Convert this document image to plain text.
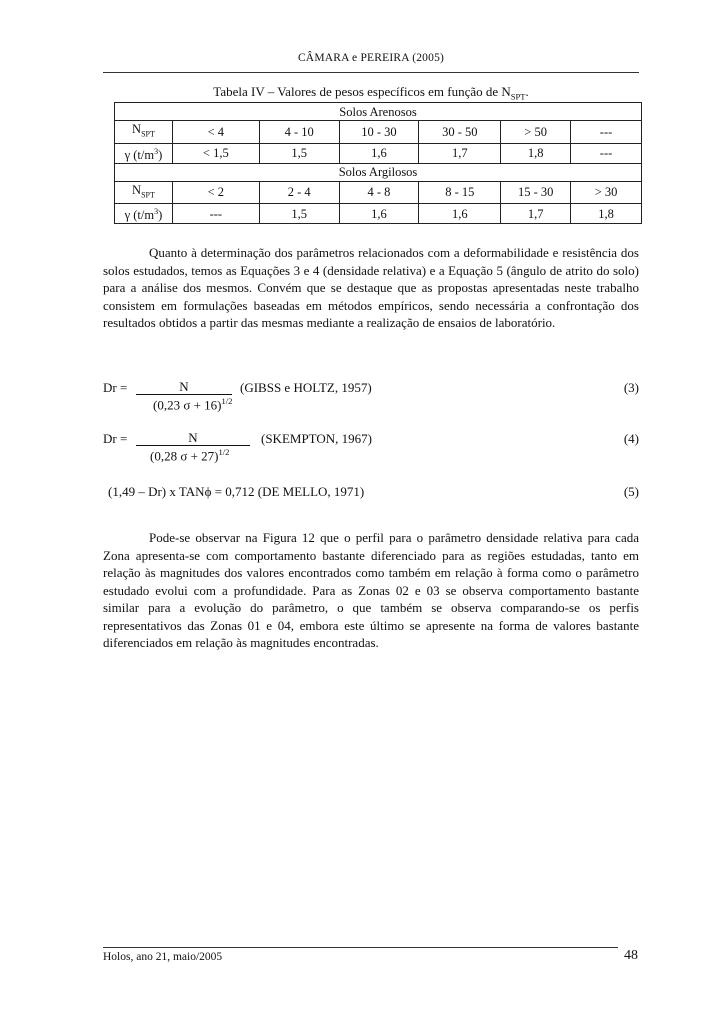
CÂMARA e PEREIRA (2005)
Tabela IV – Valores de pesos específicos em função de $N_{SPT}$.
Solos Arenosos						
$N_{SPT}$	< 4	4 - 10	10 - 30	30 - 50	> 50	---
γ $(t/m^3)$	< 1,5	1,5	1,6	1,7	1,8	---
Solos Argilosos						
$N_{SPT}$	< 2	2 - 4	4 - 8	8 - 15	15 - 30	> 30
γ $(t/m^3)$	---	1,5	1,6	1,6	1,7	1,8
Quanto à determinação dos parâmetros relacionados com a deformabilidade e resistência dos solos estudados, temos as Equações 3 e 4 (densidade relativa) e a Equação 5 (ângulo de atrito do solo) para a análise dos mesmos. Convém que se destaque que as propostas apresentadas neste trabalho consistem em formulações baseadas em métodos empíricos, sendo necessária a confrontação dos resultados obtidos a partir das mesmas mediante a realização de ensaios de laboratório.
Dr =	N
(0,23 σ + 16)$^{1/2}$
(GIBSS e HOLTZ, 1957)	(3)
Dr =	N
(0,28 σ + 27)$^{1/2}$
(SKEMPTON, 1967)	(4)
(1,49 – Dr) x TANϕ = 0,712 (DE MELLO, 1971)	(5)
Pode-se observar na Figura 12 que o perfil para o parâmetro densidade relativa para cada Zona apresenta-se com comportamento bastante diferenciado para as regiões estudadas, tanto em relação às magnitudes dos valores encontrados como também em relação à forma como o parâmetro estudado evolui com a profundidade. Para as Zonas 02 e 03 se observa comportamento bastante similar para a evolução do parâmetro, o que também se observa comparando-se os perfis representativos das Zonas 01 e 04, embora este último se apresente na forma de valores bastante diferenciados em relação às magnitudes encontradas.
Holos, ano 21, maio/2005	48
